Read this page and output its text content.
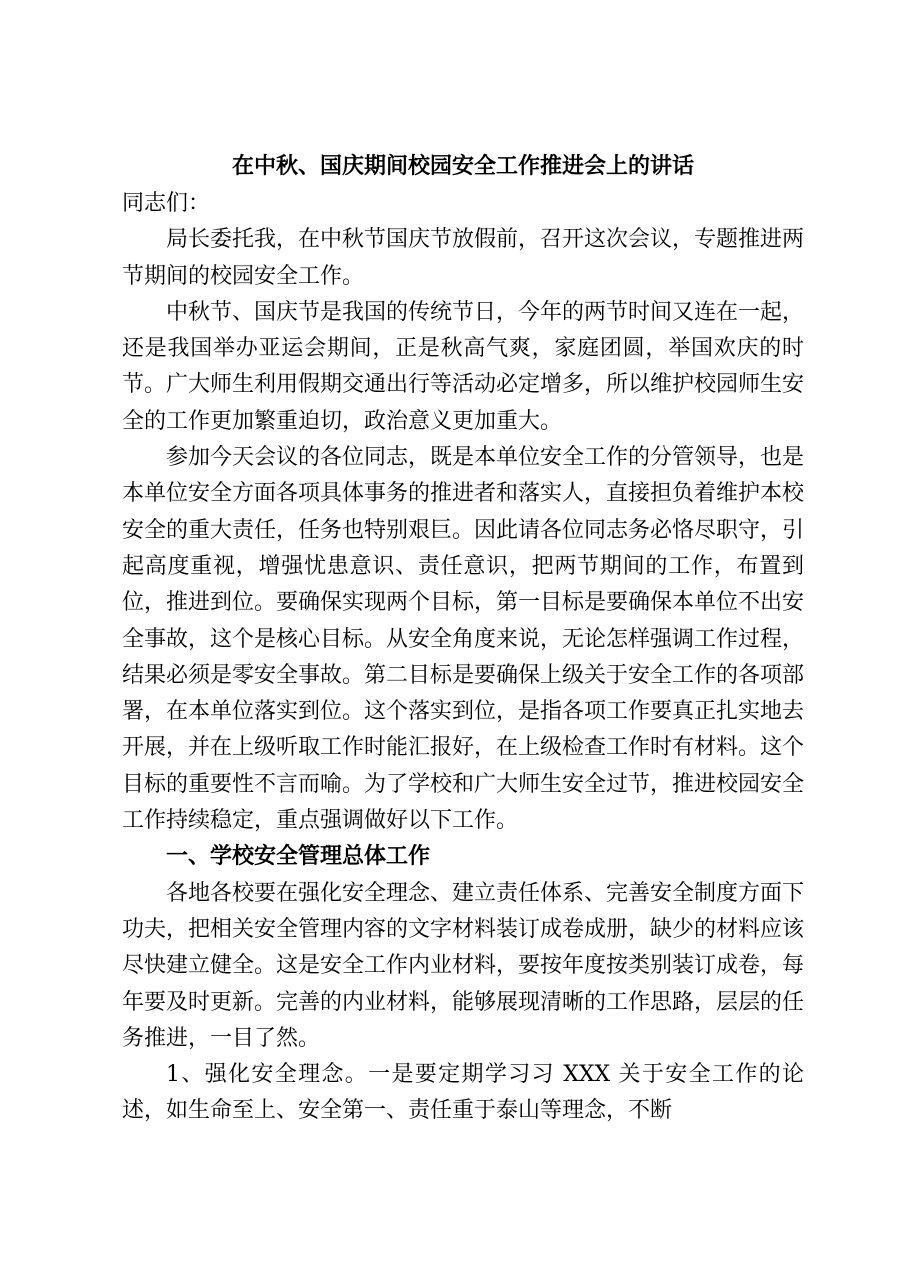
在中秋、国庆期间校园安全工作推进会上的讲话

同志们：

局长委托我，在中秋节国庆节放假前，召开这次会议，专题推进两节期间的校园安全工作。

中秋节、国庆节是我国的传统节日，今年的两节时间又连在一起，还是我国举办亚运会期间，正是秋高气爽，家庭团圆，举国欢庆的时节。广大师生利用假期交通出行等活动必定增多，所以维护校园师生安全的工作更加繁重迫切，政治意义更加重大。

参加今天会议的各位同志，既是本单位安全工作的分管领导，也是本单位安全方面各项具体事务的推进者和落实人，直接担负着维护本校安全的重大责任，任务也特别艰巨。因此请各位同志务必恪尽职守，引起高度重视，增强忧患意识、责任意识，把两节期间的工作，布置到位，推进到位。要确保实现两个目标，第一目标是要确保本单位不出安全事故，这个是核心目标。从安全角度来说，无论怎样强调工作过程，结果必须是零安全事故。第二目标是要确保上级关于安全工作的各项部署，在本单位落实到位。这个落实到位，是指各项工作要真正扎实地去开展，并在上级听取工作时能汇报好，在上级检查工作时有材料。这个目标的重要性不言而喻。为了学校和广大师生安全过节，推进校园安全工作持续稳定，重点强调做好以下工作。

一、学校安全管理总体工作

各地各校要在强化安全理念、建立责任体系、完善安全制度方面下功夫，把相关安全管理内容的文字材料装订成卷成册，缺少的材料应该尽快建立健全。这是安全工作内业材料，要按年度按类别装订成卷，每年要及时更新。完善的内业材料，能够展现清晰的工作思路，层层的任务推进，一目了然。

1、强化安全理念。一是要定期学习习 XXX 关于安全工作的论述，如生命至上、安全第一、责任重于泰山等理念，不断
